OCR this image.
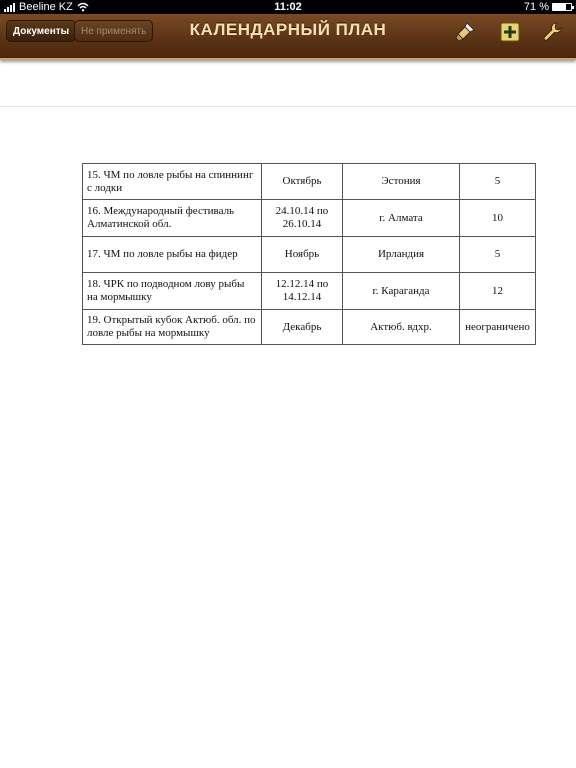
Beeline KZ	11:02	71 %
Документы	Не применять	КАЛЕНДАРНЫЙ ПЛАН
15. ЧМ по ловле рыбы на спиннинг с лодки	Октябрь	Эстония	5
16. Международный фестиваль Алматинской обл.	24.10.14 по 26.10.14	г. Алмата	10
17. ЧМ по ловле рыбы на фидер	Ноябрь	Ирландия	5
18. ЧРК по подводном лову рыбы на мормышку	12.12.14 по 14.12.14	г. Караганда	12
19. Открытый кубок Актюб. обл. по ловле рыбы на мормышку	Декабрь	Актюб. вдхр.	неограничено
